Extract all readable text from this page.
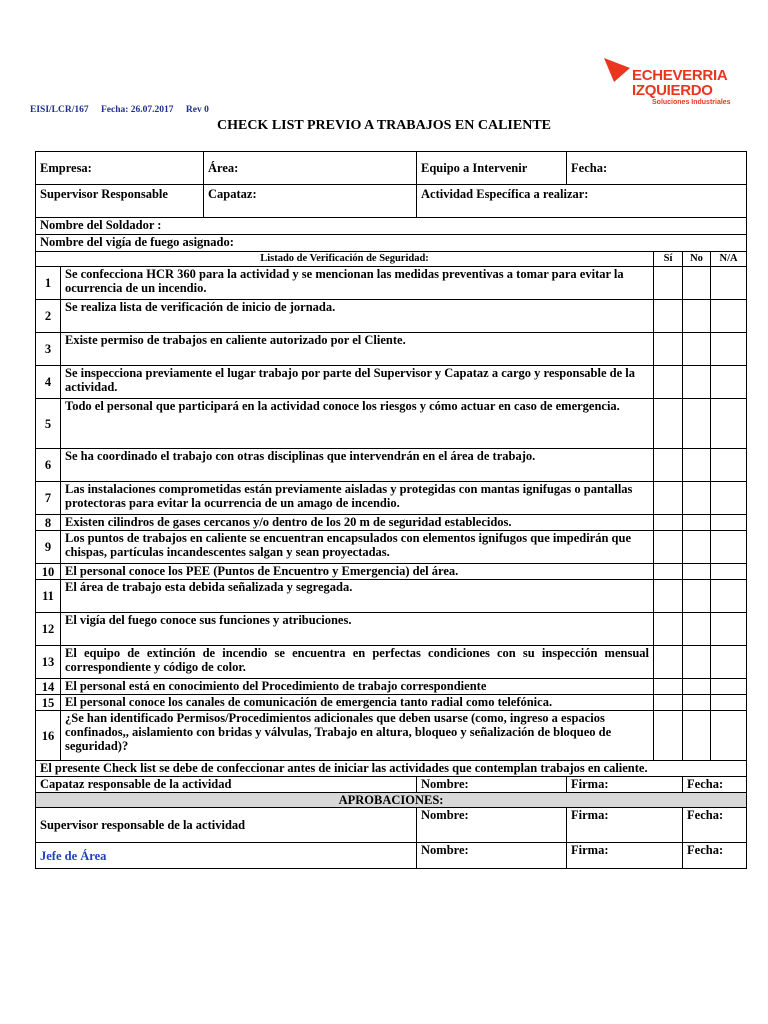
ECHEVERRIA
IZQUIERDO
Soluciones Industriales
EISI/LCR/167 Fecha: 26.07.2017 Rev 0
CHECK LIST PREVIO A TRABAJOS EN CALIENTE
Empresa:		Área:	Equipo a Intervenir	Fecha:			
Supervisor Responsable		Capataz:	Actividad Específica a realizar:				
Nombre del Soldador :							
Nombre del vigía de fuego asignado:							
Listado de Verificación de Seguridad:					Sí	No	N/A
1	Se confecciona HCR 360 para la actividad y se mencionan las medidas preventivas a tomar para evitar la ocurrencia de un incendio.						
2	Se realiza lista de verificación de inicio de jornada.						
3	Existe permiso de trabajos en caliente autorizado por el Cliente.						
4	Se inspecciona previamente el lugar trabajo por parte del Supervisor y Capataz a cargo y responsable de la actividad.						
5	Todo el personal que participará en la actividad conoce los riesgos y cómo actuar en caso de emergencia.						
6	Se ha coordinado el trabajo con otras disciplinas que intervendrán en el área de trabajo.						
7	Las instalaciones comprometidas están previamente aisladas y protegidas con mantas ignifugas o pantallas protectoras para evitar la ocurrencia de un amago de incendio.						
8	Existen cilindros de gases cercanos y/o dentro de los 20 m de seguridad establecidos.						
9	Los puntos de trabajos en caliente se encuentran encapsulados con elementos ignifugos que impedirán que chispas, partículas incandescentes salgan y sean proyectadas.						
10	El personal conoce los PEE (Puntos de Encuentro y Emergencia) del área.						
11	El área de trabajo esta debida señalizada y segregada.						
12	El vigía del fuego conoce sus funciones y atribuciones.						
13	El equipo de extinción de incendio se encuentra en perfectas condiciones con su inspección mensual correspondiente y código de color.						
14	El personal está en conocimiento del Procedimiento de trabajo correspondiente						
15	El personal conoce los canales de comunicación de emergencia tanto radial como telefónica.						
16	¿Se han identificado Permisos/Procedimientos adicionales que deben usarse (como, ingreso a espacios confinados,, aislamiento con bridas y válvulas, Trabajo en altura, bloqueo y señalización de bloqueo de seguridad)?						
El presente Check list se debe de confeccionar antes de iniciar las actividades que contemplan trabajos en caliente.							
Capataz responsable de la actividad			Nombre:	Firma:		Fecha:	
APROBACIONES:							
Supervisor responsable de la actividad			Nombre:	Firma:		Fecha:	
Jefe de Área			Nombre:	Firma:		Fecha:	
